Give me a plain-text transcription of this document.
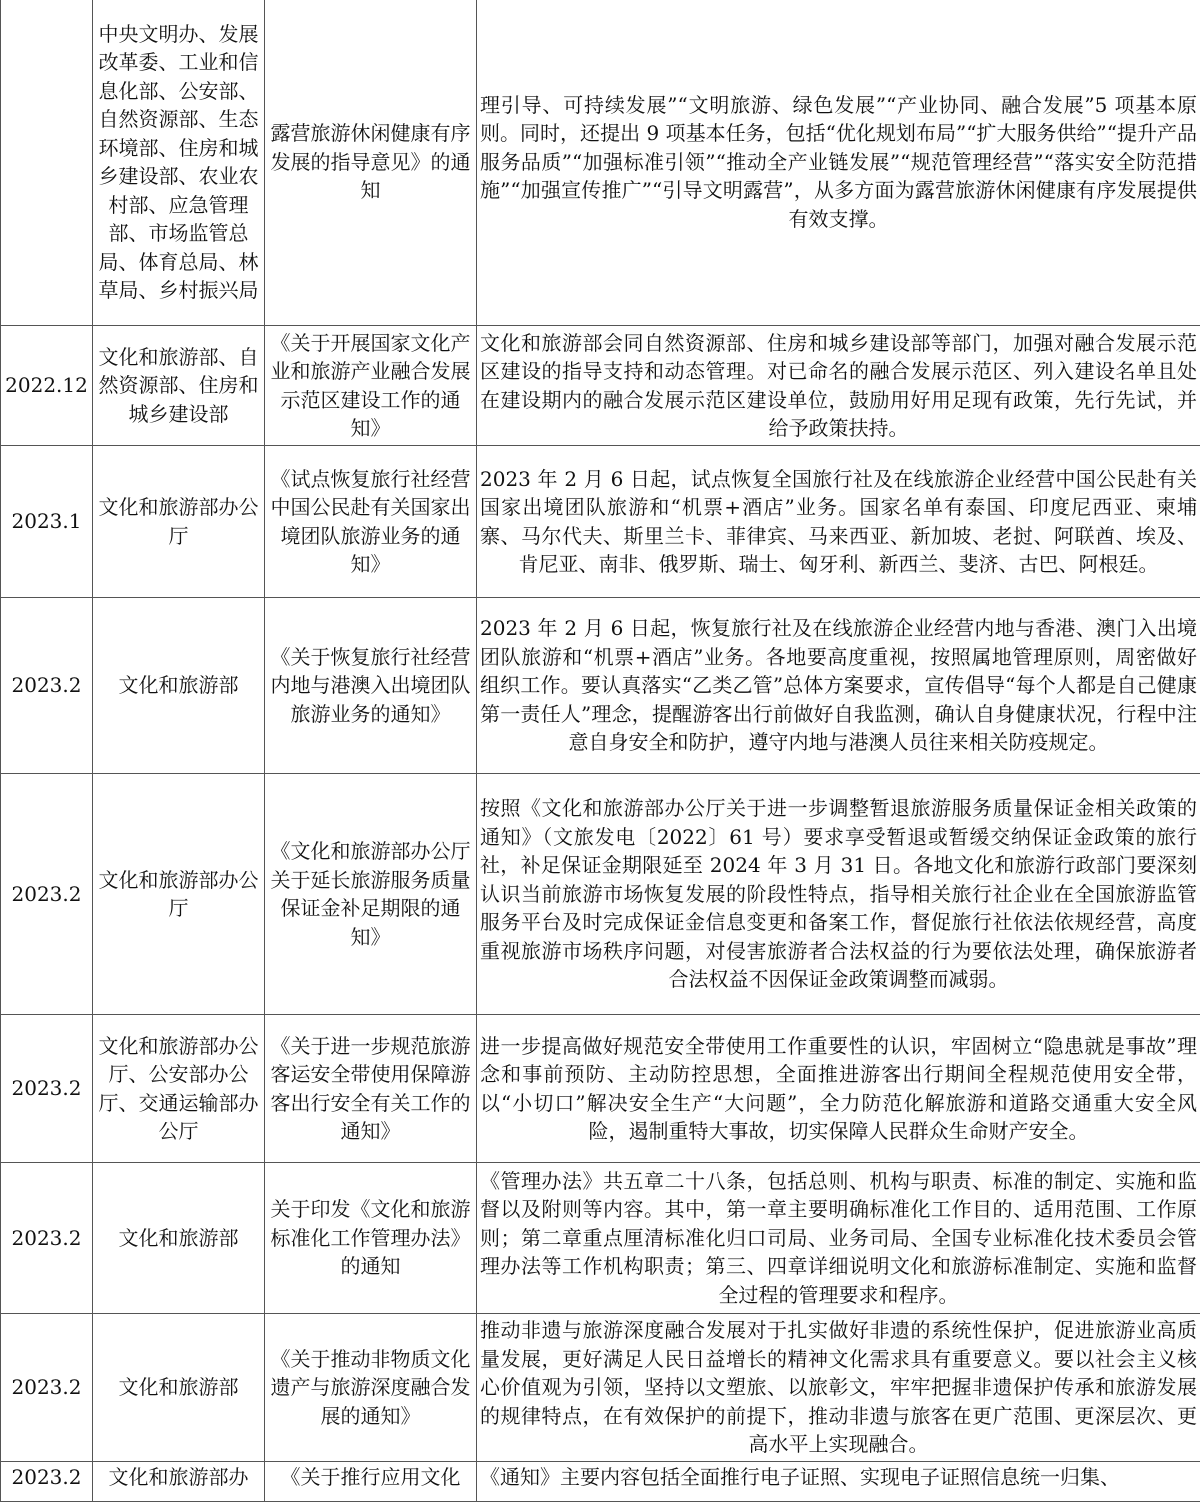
	中央文明办、发展改革委、工业和信息化部、公安部、自然资源部、生态环境部、住房和城乡建设部、农业农村部、应急管理部、市场监管总局、体育总局、林草局、乡村振兴局	露营旅游休闲健康有序发展的指导意见》的通知	理引导、可持续发展”“文明旅游、绿色发展”“产业协同、融合发展”5 项基本原则。同时，还提出 9 项基本任务，包括“优化规划布局”“扩大服务供给”“提升产品服务品质”“加强标准引领”“推动全产业链发展”“规范管理经营”“落实安全防范措施”“加强宣传推广”“引导文明露营”，从多方面为露营旅游休闲健康有序发展提供有效支撑。
2022.12	文化和旅游部、自然资源部、住房和城乡建设部	《关于开展国家文化产业和旅游产业融合发展示范区建设工作的通知》	文化和旅游部会同自然资源部、住房和城乡建设部等部门，加强对融合发展示范区建设的指导支持和动态管理。对已命名的融合发展示范区、列入建设名单且处在建设期内的融合发展示范区建设单位，鼓励用好用足现有政策，先行先试，并给予政策扶持。
2023.1	文化和旅游部办公厅	《试点恢复旅行社经营中国公民赴有关国家出境团队旅游业务的通知》	2023 年 2 月 6 日起，试点恢复全国旅行社及在线旅游企业经营中国公民赴有关国家出境团队旅游和“机票+酒店”业务。国家名单有泰国、印度尼西亚、柬埔寨、马尔代夫、斯里兰卡、菲律宾、马来西亚、新加坡、老挝、阿联酋、埃及、肯尼亚、南非、俄罗斯、瑞士、匈牙利、新西兰、斐济、古巴、阿根廷。
2023.2	文化和旅游部	《关于恢复旅行社经营内地与港澳入出境团队旅游业务的通知》	2023 年 2 月 6 日起，恢复旅行社及在线旅游企业经营内地与香港、澳门入出境团队旅游和“机票+酒店”业务。各地要高度重视，按照属地管理原则，周密做好组织工作。要认真落实“乙类乙管”总体方案要求，宣传倡导“每个人都是自己健康第一责任人”理念，提醒游客出行前做好自我监测，确认自身健康状况，行程中注意自身安全和防护，遵守内地与港澳人员往来相关防疫规定。
2023.2	文化和旅游部办公厅	《文化和旅游部办公厅关于延长旅游服务质量保证金补足期限的通知》	按照《文化和旅游部办公厅关于进一步调整暂退旅游服务质量保证金相关政策的通知》（文旅发电〔2022〕61 号）要求享受暂退或暂缓交纳保证金政策的旅行社，补足保证金期限延至 2024 年 3 月 31 日。各地文化和旅游行政部门要深刻认识当前旅游市场恢复发展的阶段性特点，指导相关旅行社企业在全国旅游监管服务平台及时完成保证金信息变更和备案工作，督促旅行社依法依规经营，高度重视旅游市场秩序问题，对侵害旅游者合法权益的行为要依法处理，确保旅游者合法权益不因保证金政策调整而减弱。
2023.2	文化和旅游部办公厅、公安部办公厅、交通运输部办公厅	《关于进一步规范旅游客运安全带使用保障游客出行安全有关工作的通知》	进一步提高做好规范安全带使用工作重要性的认识，牢固树立“隐患就是事故”理念和事前预防、主动防控思想，全面推进游客出行期间全程规范使用安全带，以“小切口”解决安全生产“大问题”，全力防范化解旅游和道路交通重大安全风险，遏制重特大事故，切实保障人民群众生命财产安全。
2023.2	文化和旅游部	关于印发《文化和旅游标准化工作管理办法》的通知	《管理办法》共五章二十八条，包括总则、机构与职责、标准的制定、实施和监督以及附则等内容。其中，第一章主要明确标准化工作目的、适用范围、工作原则；第二章重点厘清标准化归口司局、业务司局、全国专业标准化技术委员会管理办法等工作机构职责；第三、四章详细说明文化和旅游标准制定、实施和监督全过程的管理要求和程序。
2023.2	文化和旅游部	《关于推动非物质文化遗产与旅游深度融合发展的通知》	推动非遗与旅游深度融合发展对于扎实做好非遗的系统性保护，促进旅游业高质量发展，更好满足人民日益增长的精神文化需求具有重要意义。要以社会主义核心价值观为引领，坚持以文塑旅、以旅彰文，牢牢把握非遗保护传承和旅游发展的规律特点，在有效保护的前提下，推动非遗与旅客在更广范围、更深层次、更高水平上实现融合。
2023.2	文化和旅游部办	《关于推行应用文化	《通知》主要内容包括全面推行电子证照、实现电子证照信息统一归集、
